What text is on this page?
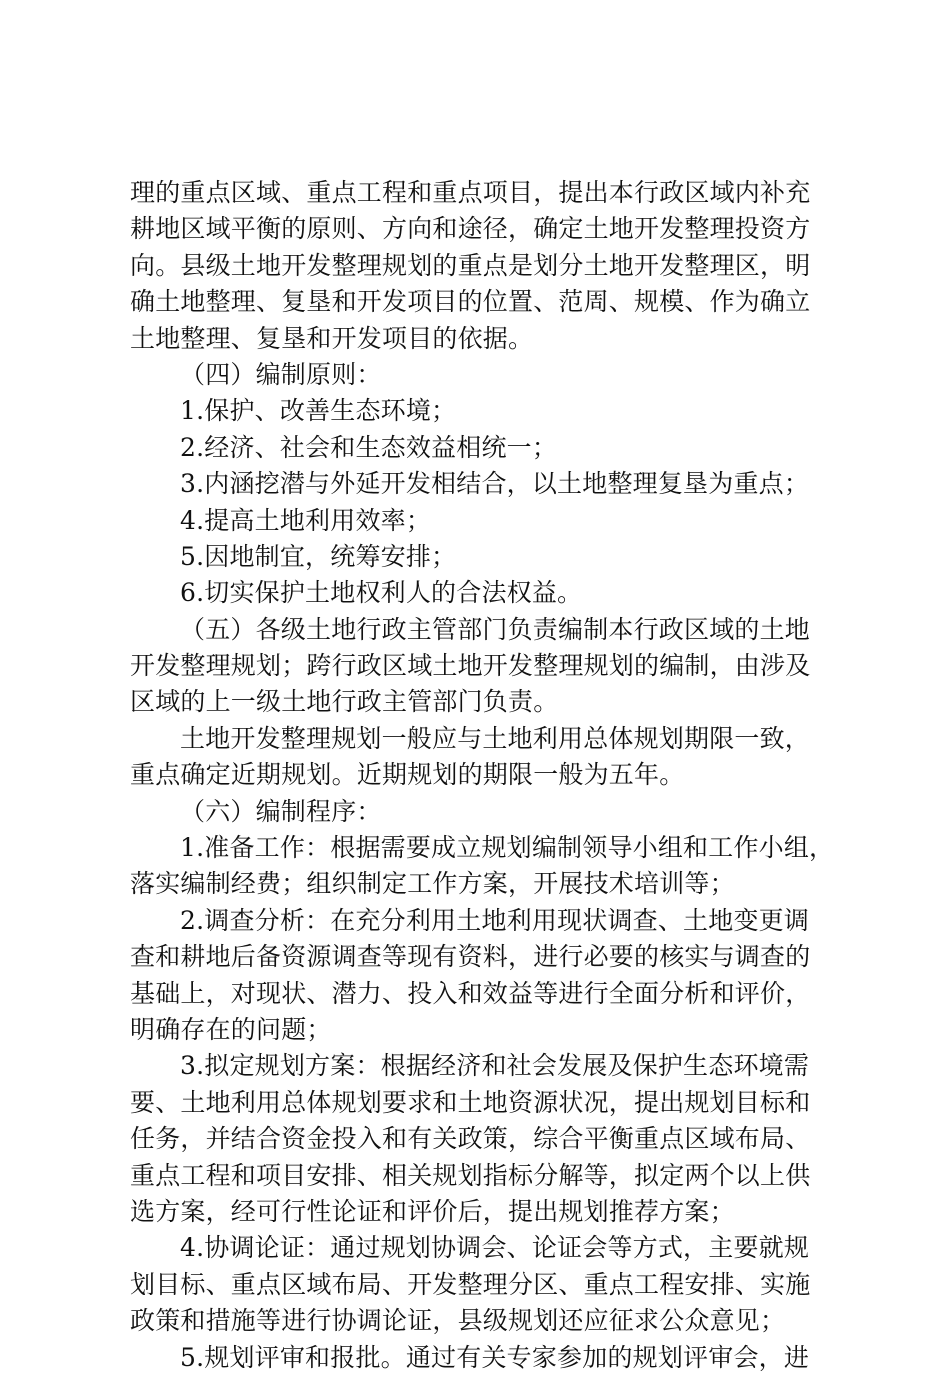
理的重点区域、重点工程和重点项目，提出本行政区域内补充
耕地区域平衡的原则、方向和途径，确定土地开发整理投资方
向。县级土地开发整理规划的重点是划分土地开发整理区，明
确土地整理、复垦和开发项目的位置、范周、规模、作为确立
土地整理、复垦和开发项目的依据。
（四）编制原则：
1.保护、改善生态环境；
2.经济、社会和生态效益相统一；
3.内涵挖潜与外延开发相结合，以土地整理复垦为重点；
4.提高土地利用效率；
5.因地制宜，统筹安排；
6.切实保护土地权利人的合法权益。
（五）各级土地行政主管部门负责编制本行政区域的土地
开发整理规划；跨行政区域土地开发整理规划的编制，由涉及
区域的上一级土地行政主管部门负责。
土地开发整理规划一般应与土地利用总体规划期限一致，
重点确定近期规划。近期规划的期限一般为五年。
（六）编制程序：
1.准备工作：根据需要成立规划编制领导小组和工作小组，
落实编制经费；组织制定工作方案，开展技术培训等；
2.调查分析：在充分利用土地利用现状调查、土地变更调
查和耕地后备资源调查等现有资料，进行必要的核实与调查的
基础上，对现状、潜力、投入和效益等进行全面分析和评价，
明确存在的问题；
3.拟定规划方案：根据经济和社会发展及保护生态环境需
要、土地利用总体规划要求和土地资源状况，提出规划目标和
任务，并结合资金投入和有关政策，综合平衡重点区域布局、
重点工程和项目安排、相关规划指标分解等，拟定两个以上供
选方案，经可行性论证和评价后，提出规划推荐方案；
4.协调论证：通过规划协调会、论证会等方式，主要就规
划目标、重点区域布局、开发整理分区、重点工程安排、实施
政策和措施等进行协调论证，县级规划还应征求公众意见；
5.规划评审和报批。通过有关专家参加的规划评审会，进
